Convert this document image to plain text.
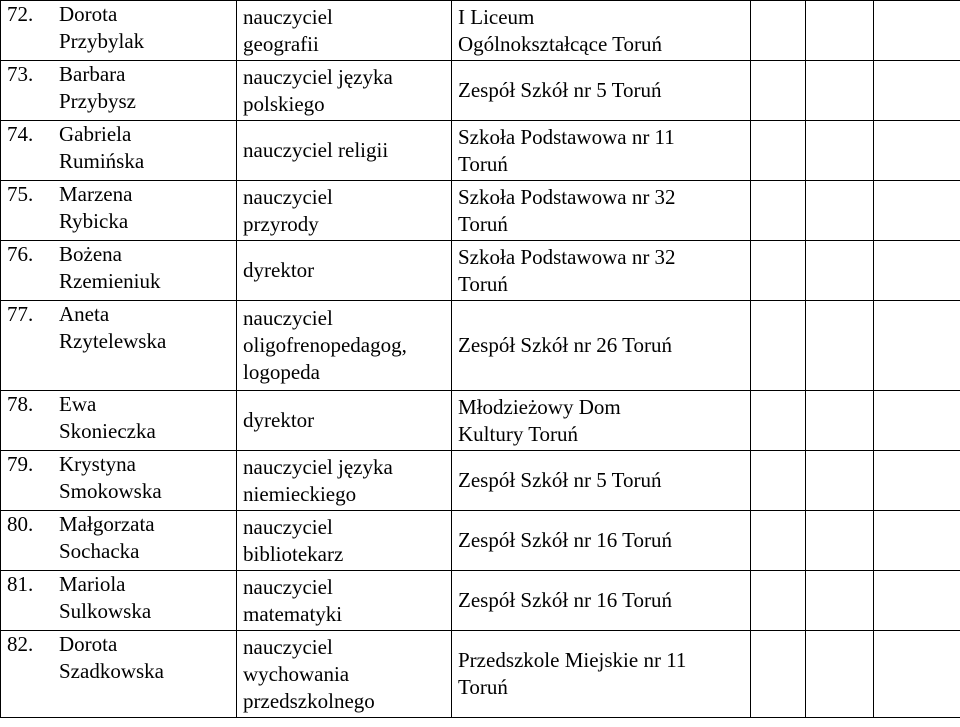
72. DorotaPrzybylak	nauczyciel
geografii	I Liceum
Ogólnokształcące Toruń			

73. BarbaraPrzybysz	nauczyciel języka
polskiego	Zespół Szkół nr 5 Toruń			

74. GabrielaRumińska	nauczyciel religii	Szkoła Podstawowa nr 11
Toruń			

75. MarzenaRybicka	nauczyciel
przyrody	Szkoła Podstawowa nr 32
Toruń			

76. BożenaRzemieniuk	dyrektor	Szkoła Podstawowa nr 32
Toruń			

77. AnetaRzytelewska	nauczyciel
oligofrenopedagog,
logopeda	Zespół Szkół nr 26 Toruń			

78. EwaSkonieczka	dyrektor	Młodzieżowy Dom
Kultury Toruń			

79. KrystynaSmokowska	nauczyciel języka
niemieckiego	Zespół Szkół nr 5 Toruń			

80. MałgorzataSochacka	nauczyciel
bibliotekarz	Zespół Szkół nr 16 Toruń			

81. MariolaSulkowska	nauczyciel
matematyki	Zespół Szkół nr 16 Toruń			

82. DorotaSzadkowska	nauczyciel
wychowania
przedszkolnego	Przedszkole Miejskie nr 11
Toruń			
